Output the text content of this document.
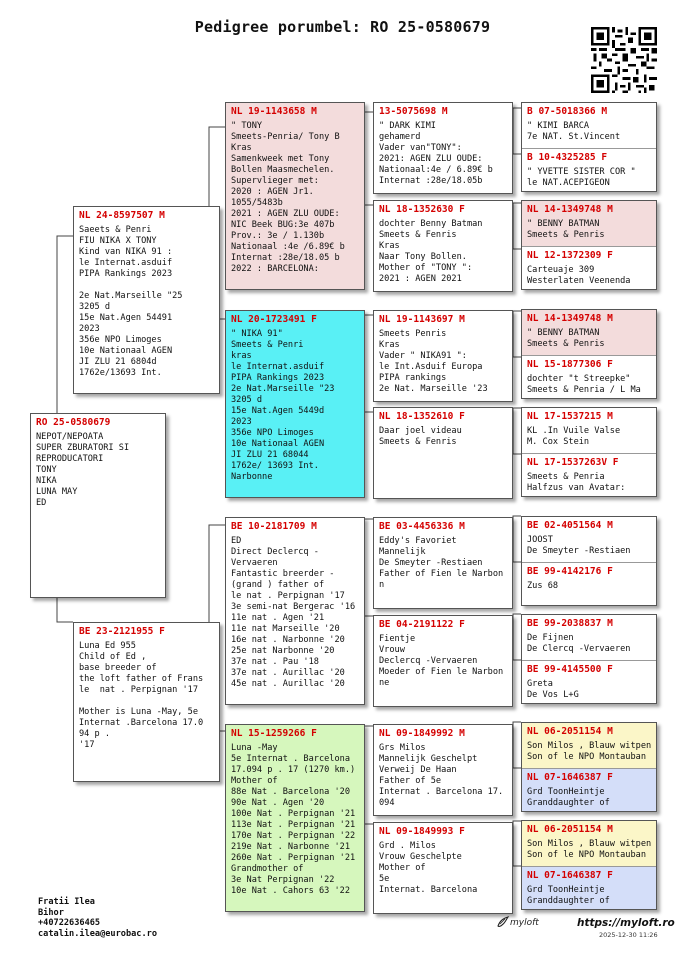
Pedigree porumbel: RO 25-0580679
RO 25-0580679
NEPOT/NEPOATA
SUPER ZBURATORI SI
REPRODUCATORI
TONY
NIKA
LUNA MAY
ED
NL 24-8597507 M
Saeets & Penri
FIU NIKA X TONY
Kind van NIKA 91 :
le Internat.asduif
PIPA Rankings 2023

2e Nat.Marseille "25
3205 d
15e Nat.Agen 54491
2023
356e NPO Limoges
10e Nationaal AGEN
JI ZLU 21 6804d
1762e/13693 Int.
BE 23-2121955 F
Luna Ed 955
Child of Ed ,
base breeder of
the loft father of Frans
le  nat . Perpignan '17

Mother is Luna -May, 5e
Internat .Barcelona 17.0
94 p .
'17
NL 19-1143658 M
" TONY
Smeets-Penria/ Tony B
Kras
Samenkweek met Tony
Bollen Maasmechelen.
Supervlieger met:
2020 : AGEN Jr1.
1055/5483b
2021 : AGEN ZLU OUDE:
NIC Beek BUG:3e 407b
Prov.: 3e / 1.130b
Nationaal :4e /6.89€ b
Internat :28e/18.05 b
2022 : BARCELONA:
NL 20-1723491 F
" NIKA 91"
Smeets & Penri
kras
le Internat.asduif
PIPA Rankings 2023
2e Nat.Marseille "23
3205 d
15e Nat.Agen 5449d
2023
356e NPO Limoges
10e Nationaal AGEN
JI ZLU 21 68044
1762e/ 13693 Int.
Narbonne
BE 10-2181709 M
ED
Direct Declercq -
Vervaeren
Fantastic breerder -
(grand ) father of
le nat . Perpignan '17
3e semi-nat Bergerac '16
11e nat . Agen '21
11e nat Marseille '20
16e nat . Narbonne '20
25e nat Narbonne '20
37e nat . Pau '18
37e nat . Aurillac '20
45e nat . Aurillac '20
NL 15-1259266 F
Luna -May
5e Internat . Barcelona
17.094 p . 17 (1270 km.)
Mother of
88e Nat . Barcelona '20
90e Nat . Agen '20
100e Nat . Perpignan '21
113e Nat . Perpignan '21
170e Nat . Perpignan '22
219e Nat . Narbonne '21
260e Nat . Perpignan '21
Grandmother of
3e Nat Perpignan '22
10e Nat . Cahors 63 '22
13-5075698 M
" DARK KIMI
gehamerd
Vader van"TONY":
2021: AGEN ZLU OUDE:
Nationaal:4e / 6.89€ b
Internat :28e/18.05b
NL 18-1352630 F
dochter Benny Batman
Smeets & Fenris
Kras
Naar Tony Bollen.
Mother of "TONY ":
2021 : AGEN 2021
NL 19-1143697 M
Smeets Penris
Kras
Vader " NIKA91 ":
le Int.Asduif Europa
PIPA rankings
2e Nat. Marseille '23
NL 18-1352610 F
Daar joel videau
Smeets & Fenris
BE 03-4456336 M
Eddy's Favoriet
Mannelijk
De Smeyter -Restiaen
Father of Fien le Narbon
n
BE 04-2191122 F
Fientje
Vrouw
Declercq -Vervaeren
Moeder of Fien le Narbon
ne
NL 09-1849992 M
Grs Milos
Mannelijk Geschelpt
Verweij De Haan
Father of 5e
Internat . Barcelona 17.
094
NL 09-1849993 F
Grd . Milos
Vrouw Geschelpte
Mother of
5e
Internat. Barcelona
B 07-5018366 M
" KIMI BARCA
7e NAT. St.Vincent
B 10-4325285 F
" YVETTE SISTER COR "
le NAT.ACEPIGEON
NL 14-1349748 M
" BENNY BATMAN
Smeets & Penris
NL 12-1372309 F
Carteuaje 309
Westerlaten Veenenda
NL 14-1349748 M
" BENNY BATMAN
Smeets & Penris
NL 15-1877306 F
dochter "t Streepke"
Smeets & Penria / L Ma
NL 17-1537215 M
KL .In Vuile Valse
M. Cox Stein
NL 17-1537263V F
Smeets & Penria
Halfzus van Avatar:
BE 02-4051564 M
JOOST
De Smeyter -Restiaen
BE 99-4142176 F
Zus 68
BE 99-2038837 M
De Fijnen
De Clercq -Vervaeren
BE 99-4145500 F
Greta
De Vos L+G
NL 06-2051154 M
Son Milos , Blauw witpen
Son of le NPO Montauban
NL 07-1646387 F
Grd ToonHeintje
Granddaughter of
NL 06-2051154 M
Son Milos , Blauw witpen
Son of le NPO Montauban
NL 07-1646387 F
Grd ToonHeintje
Granddaughter of
Fratii Ilea
Bihor
+40722636465
catalin.ilea@eurobac.ro
myloft	https://myloft.ro
2025-12-30 11:26
